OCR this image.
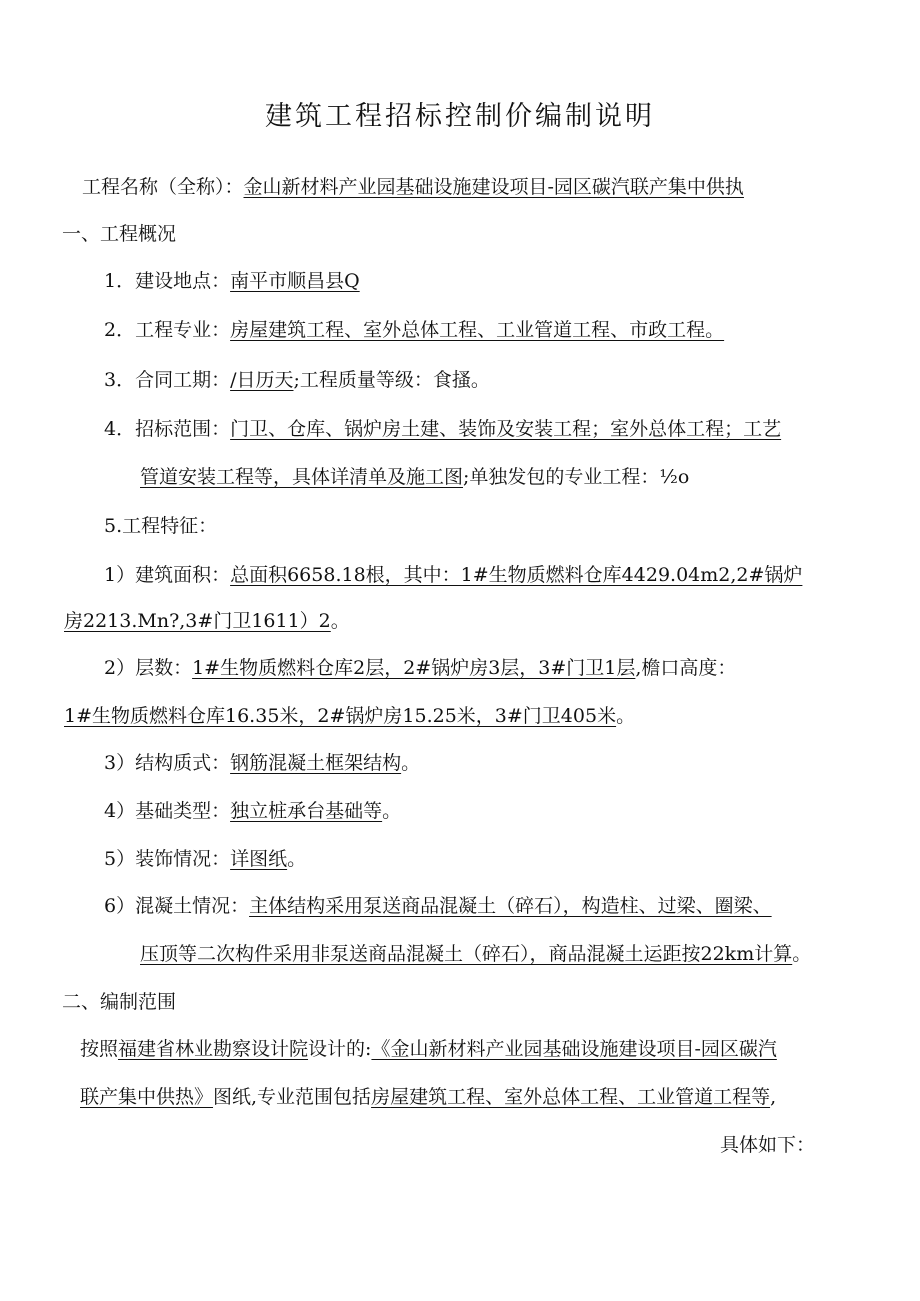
建筑工程招标控制价编制说明
工程名称（全称）：金山新材料产业园基础设施建设项目-园区碳汽联产集中供执
一、工程概况
1．建设地点：南平市顺昌县Q
2．工程专业：房屋建筑工程、室外总体工程、工业管道工程、市政工程。
3．合同工期：/日历天;工程质量等级：食搔。
4．招标范围：门卫、仓库、锅炉房土建、装饰及安装工程；室外总体工程；工艺
管道安装工程等，具体详清单及施工图;单独发包的专业工程：½o
5.工程特征：
1）建筑面积：总面积6658.18根，其中：1#生物质燃料仓库4429.04m2,2#锅炉
房2213.Mn?,3#门卫1611）2。
2）层数：1#生物质燃料仓库2层，2#锅炉房3层，3#门卫1层,檐口高度：
1#生物质燃料仓库16.35米，2#锅炉房15.25米，3#门卫405米。
3）结构质式：钢筋混凝土框架结构。
4）基础类型：独立桩承台基础等。
5）装饰情况：详图纸。
6）混凝土情况：主体结构采用泵送商品混凝土（碎石），构造柱、过梁、圈梁、
压顶等二次构件采用非泵送商品混凝土（碎石），商品混凝土运距按22km计算。
二、编制范围
按照福建省林业勘察设计院设计的:《金山新材料产业园基础设施建设项目-园区碳汽
联产集中供热》图纸,专业范围包括房屋建筑工程、室外总体工程、工业管道工程等,
具体如下：
